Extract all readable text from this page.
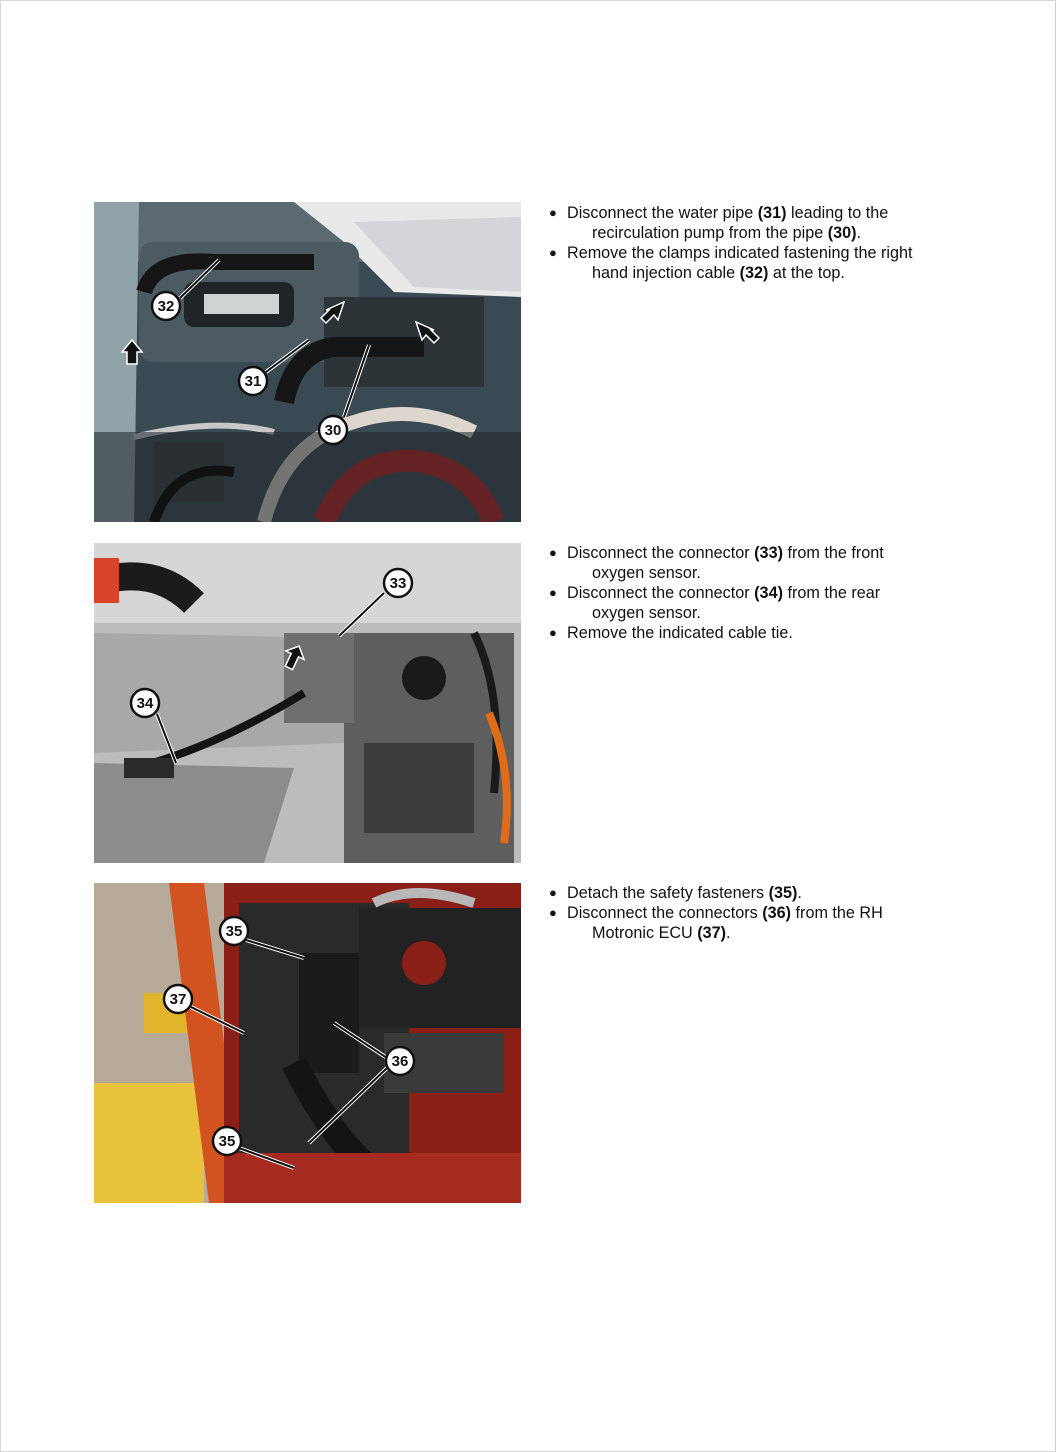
32
31
30
● Disconnect the water pipe (31) leading to the
recirculation pump from the pipe (30).
● Remove the clamps indicated fastening the right
hand injection cable (32) at the top.
33
34
● Disconnect the connector (33) from the front
oxygen sensor.
● Disconnect the connector (34) from the rear
oxygen sensor.
● Remove the indicated cable tie.
35
37
36
35
● Detach the safety fasteners (35).
● Disconnect the connectors (36) from the RH
Motronic ECU (37).
